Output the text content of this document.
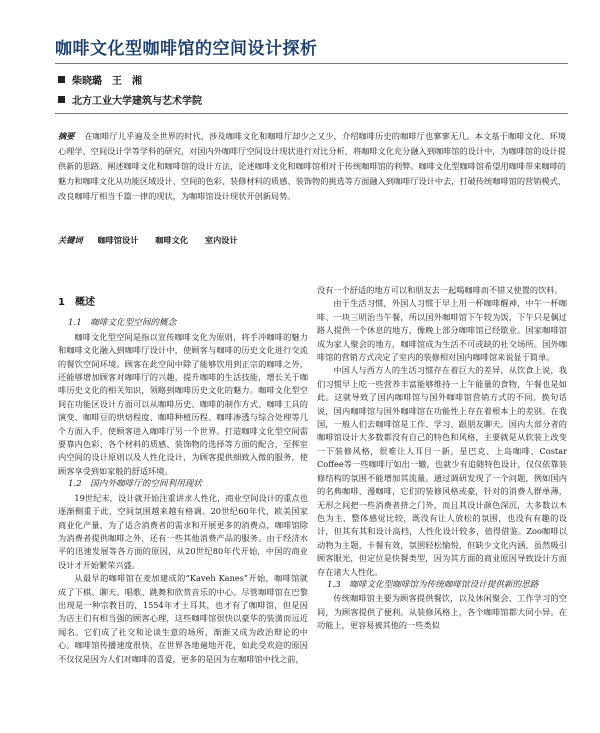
咖啡文化型咖啡馆的空间设计探析
柴晓璐　王　湘
北方工业大学建筑与艺术学院

摘要 在咖啡厅儿乎遍及全世界的时代，涉及咖啡文化和咖啡厅却少之又少，介绍咖啡历史的咖啡厅也寥寥无几。本文基于咖啡文化、环境心理学、空间设计学等学科的研究，对国内外咖啡厅空间设计现状进行对比分析，将咖啡文化充分融入到咖啡馆的设计中，为咖啡馆的设计提供新的思路。阐述咖啡文化和咖啡馆的设计方法，论述咖啡文化和咖啡馆相对于传统咖啡馆的利弊。咖啡文化型咖啡馆希望用咖啡带来咖啡的魅力和咖啡文化从功能区域设计、空间的色彩、装修材料的质感、装饰物的挑选等方面融入到咖啡厅设计中去，打破传统咖啡馆的营销模式，改良咖啡厅相当千篇一律的现状，为咖啡馆设计现状开创新局势。

关键词 咖啡馆设计 咖啡文化 室内设计
1　概述

1.1　咖啡文化型空间的概念

咖啡文化型空间是指以宣传咖啡文化为原则，将手冲咖啡的魅力和咖啡文化融入到咖啡厅设计中，使顾客与咖啡的历史文化进行交流的餐饮空间环境。顾客在此空间中除了能够饮用到正宗的咖啡之外，还能够增加顾客对咖啡厅的兴趣，提升咖啡的生活技能，增长关于咖啡历史文化的相关知识，领略到咖啡历史文化的魅力。咖啡文化型空间在功能区设计方面可以从咖啡历史、咖啡的制作方式、咖啡工具的演变、咖啡豆的烘焙程度、咖啡种植历程、咖啡渗透与综合处理等几个方面入手，使顾客进入咖啡厅另一个世界。打造咖啡文化型空间需要靠内色彩、各个材料的质感、装饰物的选择等方面的配合，至挥室内空间的设计原则以及人性化设计，为顾客提供细致入微的服务，使顾客享受到如家般的舒适环境。

1.2　国内外咖啡厅的空间利用现状

19世纪末，设计就开始注重讲求人性化，商业空间设计的重点也逐渐侧重于此，空间氛围越来越有格调。20世纪60年代，欧美国家商业化产量，为了适合消费者的需求和开展更多的消费点，咖啡馆除为消费者提供咖啡之外，还有一些其他消费产品的服务。由于经济水平的迅速发展等各方面的原因，从20世纪80年代开始，中国的商业设计才开始繁荣兴盛。

从最早的咖啡馆在麦加建成的“Kaveh Kanes”开始，咖啡馆就成了下棋、聊天、唱歌、跳舞和欣赏音乐的中心。尽管咖啡馆在巴黎出现是一种宗教目的，1554年才土耳其，也才有了咖啡馆，但是因为店主们有相当强的顾客心理，这些咖啡馆很快以豪华的装潢而远近闻名。它们成了社交和论谈生意的场所，渐渐又成为政治辩论的中心。咖啡馆传播速度很快，在世界各地遍地开花，如此受欢迎的原因不仅仅是因为人们对咖啡的喜爱，更多的是因为在咖啡馆中找之前，

没有一个舒适的地方可以和朋友去一起喝咖啡而不错又使置的饮料。

由于生活习惯，外国人习惯于早上用一杯咖啡醒神，中午一杯咖啡、一块三明治当午餐，所以国外咖啡馆下午较为饭，下午只是偶过路人提供一个休息的地方，像晚上部分咖啡馆已经歇业。国家咖啡馆成为家人聚会的地方，咖啡馆成为生活不可或缺的社交场所。国外咖啡馆的营销方式决定了室内的装修相对国内咖啡馆来说显于简单。

中国人与西方人的生活习惯存在着巨大的差异，从饮食上说，我们习惯早上吃一些营养丰富能够维持一上午能量的食物，午餐也是如此。这就导致了国内咖啡馆与国外咖啡馆营销方式的不同。换句话说，国内咖啡馆与国外咖啡馆在功能性上存在着根本上的差别。在我国，一般人们去咖啡馆是工作、学习、跟朋友聊天。国内大部分者的咖啡馆设计大多数都没有自己的特色和风格，主要就是从软装上改变一下装修风格，很难让人耳目一新，星巴克、上岛咖啡、Costar Coffee等一些咖啡厅如出一辙，也就少有追随特色设计，仅仅依靠装修结构的氛围不能增加其流量。通过调研发现了一个问题，例如国内的名典咖啡、漫咖啡，它们的装修风格或豪，针对的消费人群单薄，无形之间把一些消费者挤之门外，而且其设计颜色深沉，大多数以木色为主，整体感觉比较，既没有让人放松的氛围，也没有有趣的设计，但其有其和设计高档，人性化设计较多，值得借鉴。Zoo咖啡以动物为主题，卡餐有效，氛围轻松愉悦，但缺少文化内涵，虽然吸引顾客眼光，但定位是快餐类型，因为其方面的商业原因导致设计方面存在诸大人性化。

1.3　咖啡文化型咖啡馆为传统咖啡馆设计提供新的思路

传统咖啡馆主要为顾客提供餐饮，以及休闲聚会、工作学习的空间，为顾客提供了便利。从装修风格上，各个咖啡馆都大同小异。在功能上，更容易被其他的一些类似
